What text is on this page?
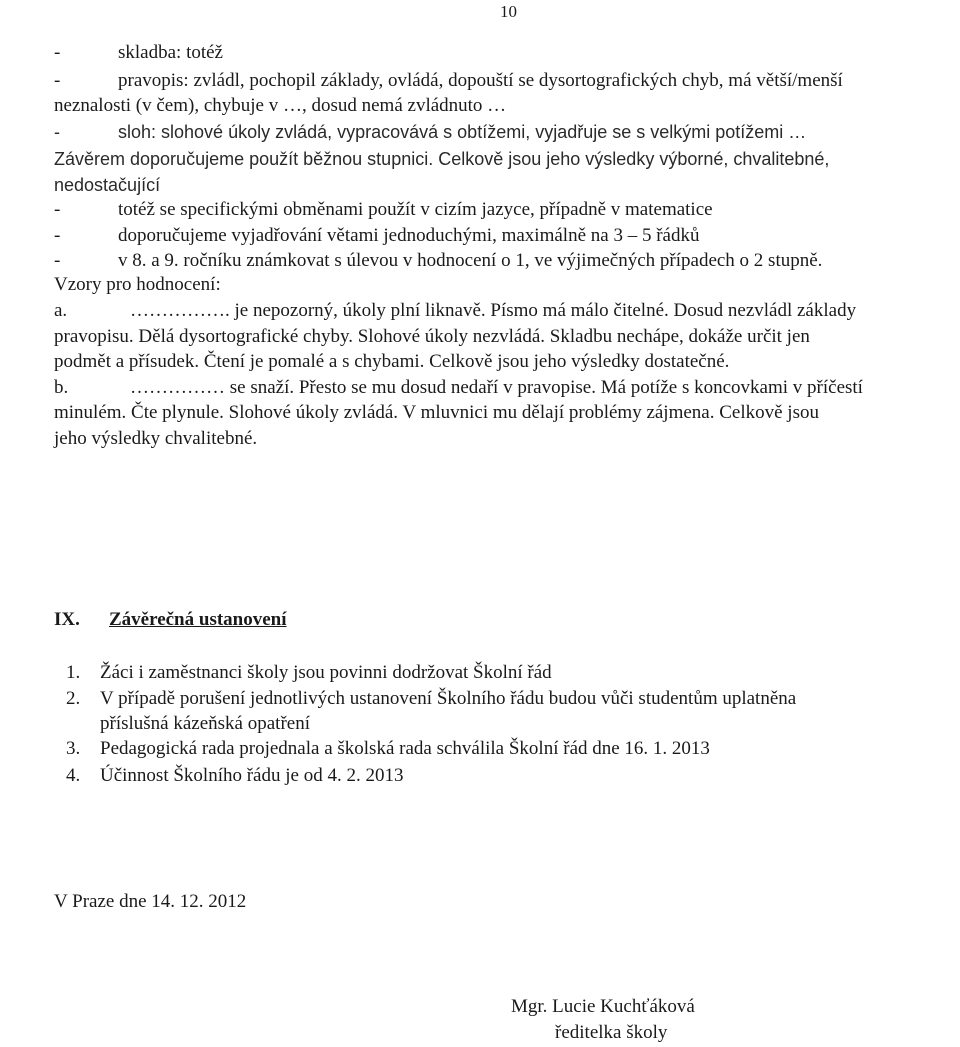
10
-	skladba: totéž
-	pravopis: zvládl, pochopil základy, ovládá, dopouští se dysortografických chyb, má větší/menší
neznalosti (v čem), chybuje v …, dosud nemá zvládnuto …
-	sloh: slohové úkoly zvládá, vypracovává s obtížemi, vyjadřuje se s velkými potížemi …
Závěrem doporučujeme použít běžnou stupnici. Celkově jsou jeho výsledky výborné, chvalitebné,
nedostačující
-	totéž se specifickými obměnami použít v cizím jazyce, případně v matematice
-	doporučujeme vyjadřování větami jednoduchými, maximálně na 3 – 5 řádků
-	v 8. a 9. ročníku známkovat s úlevou v hodnocení o 1, ve výjimečných případech o 2 stupně.
Vzory pro hodnocení:
a.	……………. je nepozorný, úkoly plní liknavě. Písmo má málo čitelné. Dosud nezvládl základy
pravopisu. Dělá dysortografické chyby. Slohové úkoly nezvládá. Skladbu nechápe, dokáže určit jen
podmět a přísudek. Čtení je pomalé a s chybami. Celkově jsou jeho výsledky dostatečné.
b.	…………… se snaží. Přesto se mu dosud nedaří v pravopise. Má potíže s koncovkami v příčestí
minulém. Čte plynule. Slohové úkoly zvládá. V mluvnici mu dělají problémy zájmena. Celkově jsou
jeho výsledky chvalitebné.
IX. Závěrečná ustanovení
1. Žáci i zaměstnanci školy jsou povinni dodržovat Školní řád
2. V případě porušení jednotlivých ustanovení Školního řádu budou vůči studentům uplatněna
příslušná kázeňská opatření
3. Pedagogická rada projednala a školská rada schválila Školní řád dne 16. 1. 2013
4. Účinnost Školního řádu je od 4. 2. 2013
V Praze dne 14. 12. 2012
Mgr. Lucie Kuchťáková
ředitelka školy
